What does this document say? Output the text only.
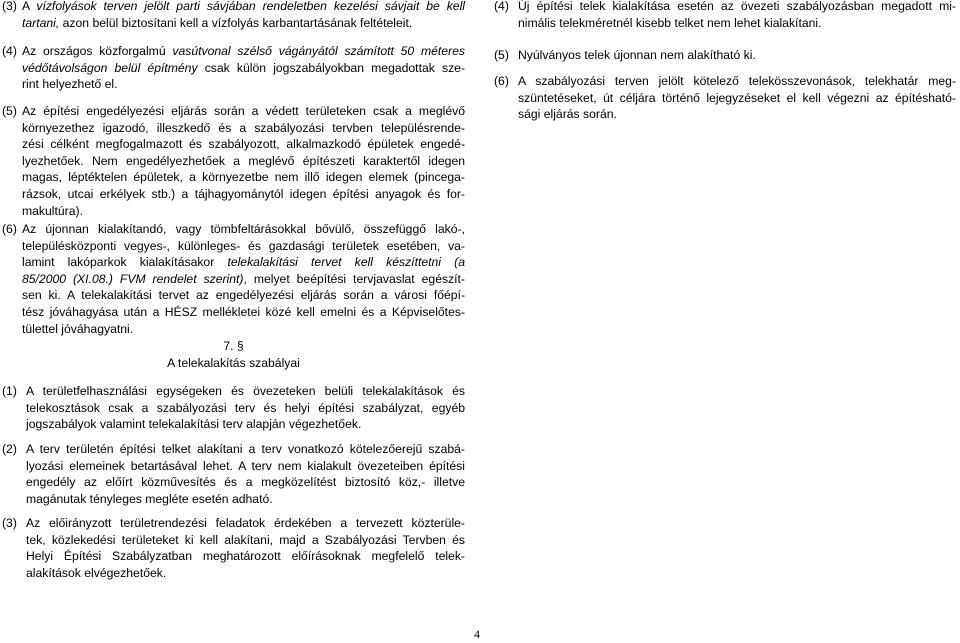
(3) A vízfolyások terven jelölt parti sávjában rendeletben kezelési sávjait be kell
tartani, azon belül biztosítani kell a vízfolyás karbantartásának feltételeit.
(4) Az országos közforgalmú vasútvonal szélső vágányától számított 50 méteres
védőtávolságon belül építmény csak külön jogszabályokban megadottak sze-
rint helyezhető el.
(5) Az építési engedélyezési eljárás során a védett területeken csak a meglévő
környezethez igazodó, illeszkedő és a szabályozási tervben településrende-
zési célként megfogalmazott és szabályozott, alkalmazkodó épületek engedé-
lyezhetőek. Nem engedélyezhetőek a meglévő építészeti karaktertől idegen
magas, léptéktelen épületek, a környezetbe nem illő idegen elemek (pincega-
rázsok, utcai erkélyek stb.) a tájhagyománytól idegen építési anyagok és for-
makultúra).
(6) Az újonnan kialakítandó, vagy tömbfeltárásokkal bővülő, összefüggő lakó-,
településközponti vegyes-, különleges- és gazdasági területek esetében, va-
lamint lakóparkok kialakításakor telekalakítási tervet kell készíttetni (a
85/2000 (XI.08.) FVM rendelet szerint), melyet beépítési tervjavaslat egészít-
sen ki. A telekalakítási tervet az engedélyezési eljárás során a városi főépí-
tész jóváhagyása után a HÉSZ mellékletei közé kell emelni és a Képviselőtes-
tülettel jóváhagyatni.
(4) Új építési telek kialakítása esetén az övezeti szabályozásban megadott mi-
nimális telekméretnél kisebb telket nem lehet kialakítani.
(5) Nyúlványos telek újonnan nem alakítható ki.
(6) A szabályozási terven jelölt kötelező telekösszevonások, telekhatár meg-
szüntetéseket, út céljára történő lejegyzéseket el kell végezni az építésható-
sági eljárás során.
7. §
A telekalakítás szabályai
(1) A területfelhasználási egységeken és övezeteken belüli telekalakítások és
telekosztások csak a szabályozási terv és helyi építési szabályzat, egyéb
jogszabályok valamint telekalakítási terv alapján végezhetőek.
(2) A terv területén építési telket alakítani a terv vonatkozó kötelezőerejű szabá-
lyozási elemeinek betartásával lehet. A terv nem kialakult övezeteiben építési
engedély az előírt közművesítés és a megközelítést biztosító köz,- illetve
magánutak tényleges megléte esetén adható.
(3) Az előirányzott területrendezési feladatok érdekében a tervezett közterüle-
tek, közlekedési területeket ki kell alakítani, majd a Szabályozási Tervben és
Helyi Építési Szabályzatban meghatározott előírásoknak megfelelő telek-
alakítások elvégezhetőek.
4
